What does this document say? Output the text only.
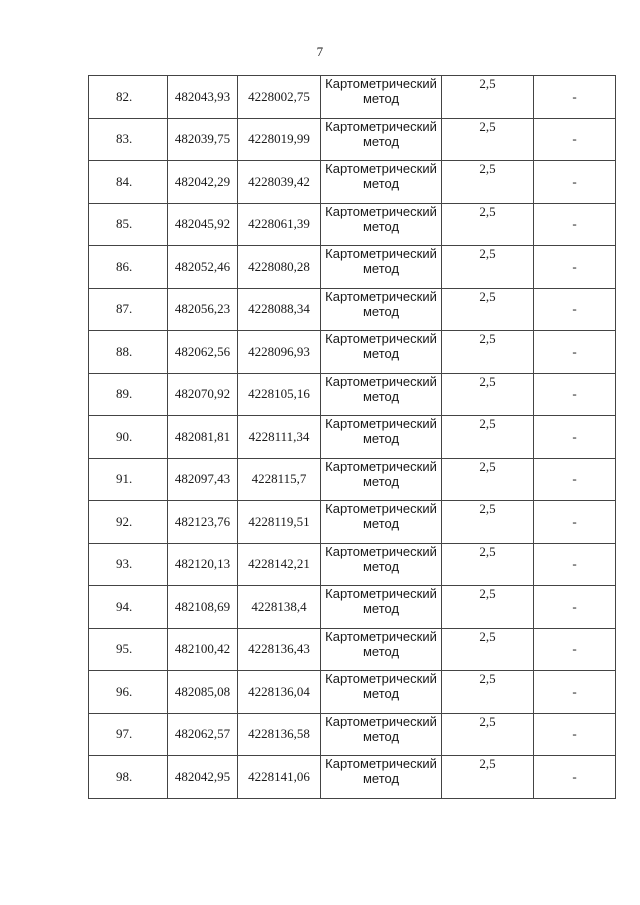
7
82.	482043,93	4228002,75	Картометрический метод	2,5	-
83.	482039,75	4228019,99	Картометрический метод	2,5	-
84.	482042,29	4228039,42	Картометрический метод	2,5	-
85.	482045,92	4228061,39	Картометрический метод	2,5	-
86.	482052,46	4228080,28	Картометрический метод	2,5	-
87.	482056,23	4228088,34	Картометрический метод	2,5	-
88.	482062,56	4228096,93	Картометрический метод	2,5	-
89.	482070,92	4228105,16	Картометрический метод	2,5	-
90.	482081,81	4228111,34	Картометрический метод	2,5	-
91.	482097,43	4228115,7	Картометрический метод	2,5	-
92.	482123,76	4228119,51	Картометрический метод	2,5	-
93.	482120,13	4228142,21	Картометрический метод	2,5	-
94.	482108,69	4228138,4	Картометрический метод	2,5	-
95.	482100,42	4228136,43	Картометрический метод	2,5	-
96.	482085,08	4228136,04	Картометрический метод	2,5	-
97.	482062,57	4228136,58	Картометрический метод	2,5	-
98.	482042,95	4228141,06	Картометрический метод	2,5	-
